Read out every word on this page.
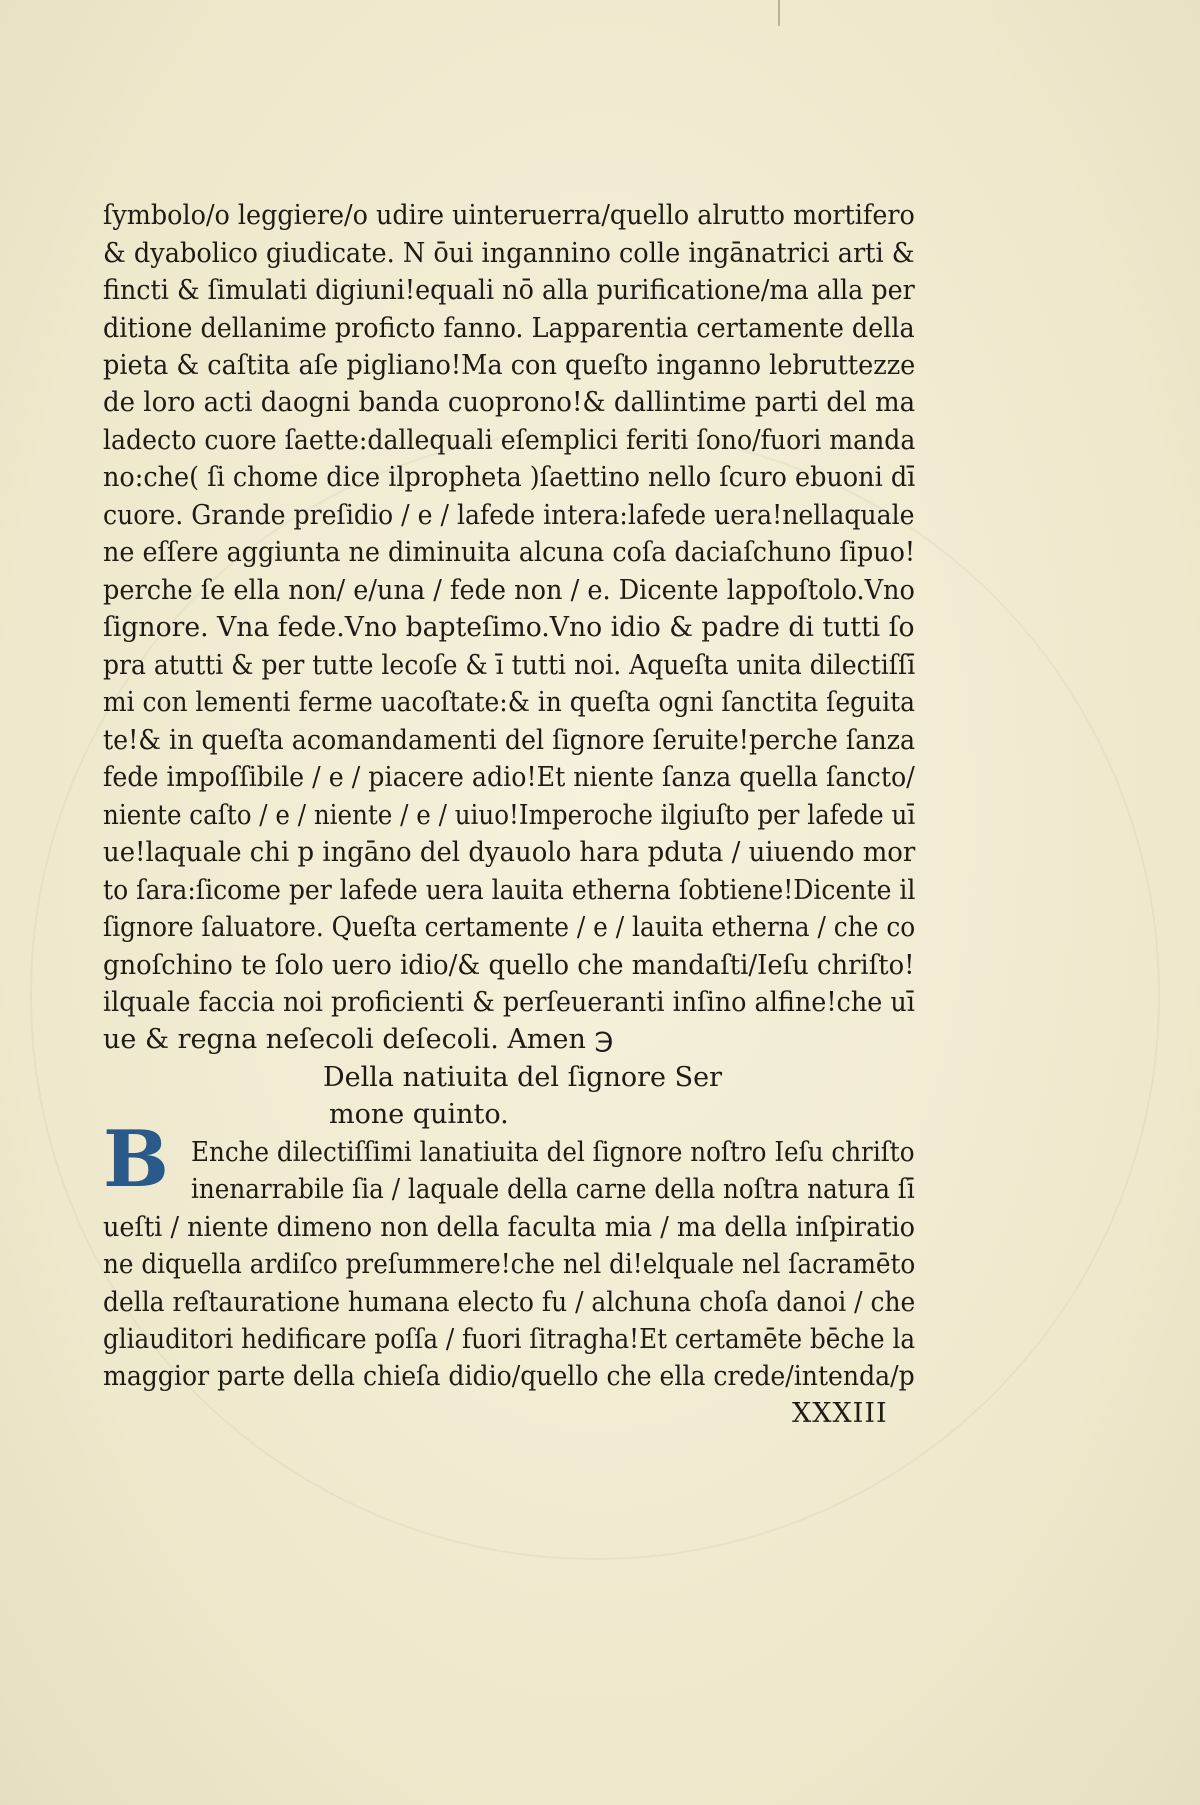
ſymbolo/o leggiere/o udire uinteruerra/quello alrutto mortifero
& dyabolico giudicate. N ōui ingannino colle ingānatrici arti &
fincti & ſimulati digiuni!equali nō alla purificatione/ma alla per
ditione dellanime proficto fanno. Lapparentia certamente della
pieta & caſtita aſe pigliano!Ma con queſto inganno lebruttezze
de loro acti daogni banda cuoprono!& dallintime parti del ma
ladecto cuore ſaette:dallequali eſemplici feriti ſono/fuori manda
no:che( ſi chome dice ilpropheta )ſaettino nello ſcuro ebuoni dī
cuore. Grande preſidio / e / lafede intera:lafede uera!nellaquale
ne eſſere aggiunta ne diminuita alcuna coſa daciaſchuno ſipuo!
perche ſe ella non/ e/una / fede non / e. Dicente lappoſtolo.Vno
ſignore. Vna fede.Vno bapteſimo.Vno idio & padre di tutti ſo
pra atutti & per tutte lecoſe & ī tutti noi. Aqueſta unita dilectiſſī
mi con lementi ferme uacoſtate:& in queſta ogni ſanctita ſeguita
te!& in queſta acomandamenti del ſignore ſeruite!perche ſanza
fede impoſſibile / e / piacere adio!Et niente ſanza quella ſancto/
niente caſto / e / niente / e / uiuo!Imperoche ilgiuſto per lafede uī
ue!laquale chi p ingāno del dyauolo hara pduta / uiuendo mor
to ſara:ſicome per lafede uera lauita etherna ſobtiene!Dicente il
ſignore ſaluatore. Queſta certamente / e / lauita etherna / che co
gnoſchino te ſolo uero idio/& quello che mandaſti/Ieſu chriſto!
ilquale faccia noi proficienti & perſeueranti inſino alfine!che uī
ue & regna neſecoli deſecoli. Amen ℈
Della natiuita del ſignore Ser
mone quinto.
B Enche dilectiſſimi lanatiuita del ſignore noſtro Ieſu chriſto
inenarrabile ſia / laquale della carne della noſtra natura ſī
ueſti / niente dimeno non della faculta mia / ma della inſpiratio
ne diquella ardiſco preſummere!che nel di!elquale nel ſacramēto
della reſtauratione humana electo fu / alchuna choſa danoi / che
gliauditori hedificare poſſa / fuori ſitragha!Et certamēte bēche la
maggior parte della chieſa didio/quello che ella crede/intenda/p
XXXIII
